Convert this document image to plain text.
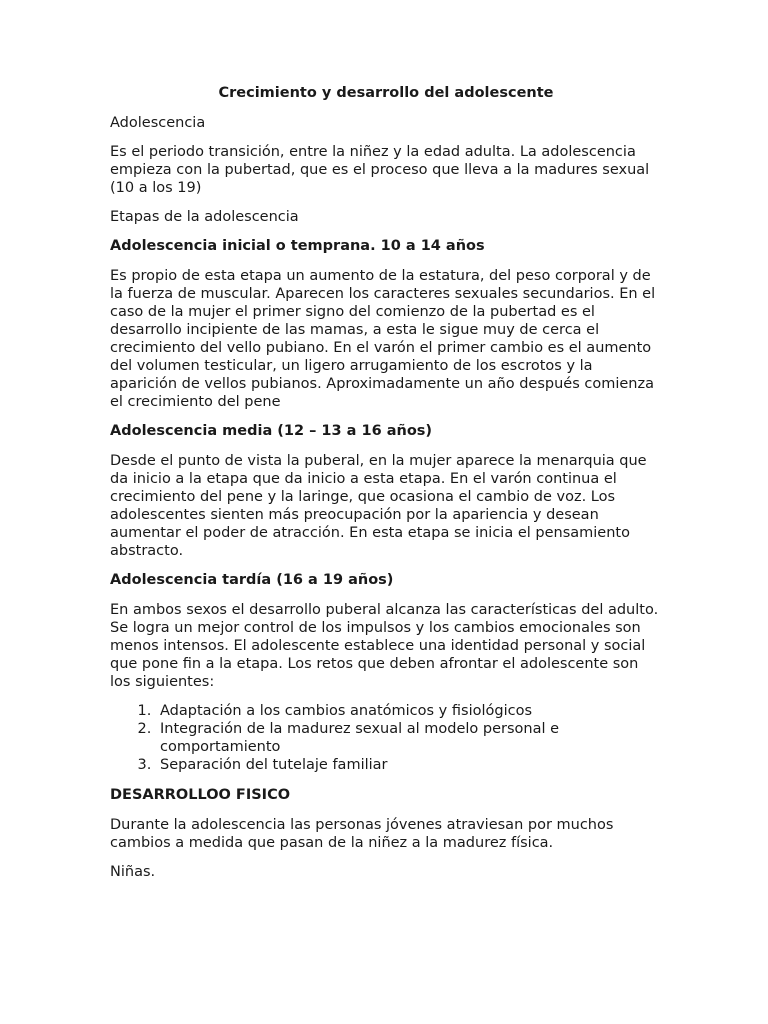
Crecimiento y desarrollo del adolescente

Adolescencia

Es el periodo transición, entre la niñez y la edad adulta. La adolescencia empieza con la pubertad, que es el proceso que lleva a la madures sexual (10 a los 19)

Etapas de la adolescencia

Adolescencia inicial o temprana. 10 a 14 años

Es propio de esta etapa un aumento de la estatura, del peso corporal y de la fuerza de muscular. Aparecen los caracteres sexuales secundarios. En el caso de la mujer el primer signo del comienzo de la pubertad es el desarrollo incipiente de las mamas, a esta le sigue muy de cerca el crecimiento del vello pubiano. En el varón el primer cambio es el aumento del volumen testicular, un ligero arrugamiento de los escrotos y la aparición de vellos pubianos. Aproximadamente un año después comienza el crecimiento del pene

Adolescencia media (12 – 13 a 16 años)

Desde el punto de vista la puberal, en la mujer aparece la menarquia que da inicio a la etapa que da inicio a esta etapa. En el varón continua el crecimiento del pene y la laringe, que ocasiona el cambio de voz. Los adolescentes sienten más preocupación por la apariencia y desean aumentar el poder de atracción. En esta etapa se inicia el pensamiento abstracto.

Adolescencia tardía (16 a 19 años)

En ambos sexos el desarrollo puberal alcanza las características del adulto. Se logra un mejor control de los impulsos y los cambios emocionales son menos intensos. El adolescente establece una identidad personal y social que pone fin a la etapa. Los retos que deben afrontar el adolescente son los siguientes:

1. Adaptación a los cambios anatómicos y fisiológicos
2. Integración de la madurez sexual al modelo personal e comportamiento
3. Separación del tutelaje familiar
DESARROLLOO FISICO

Durante la adolescencia las personas jóvenes atraviesan por muchos cambios a medida que pasan de la niñez a la madurez física.

Niñas.
